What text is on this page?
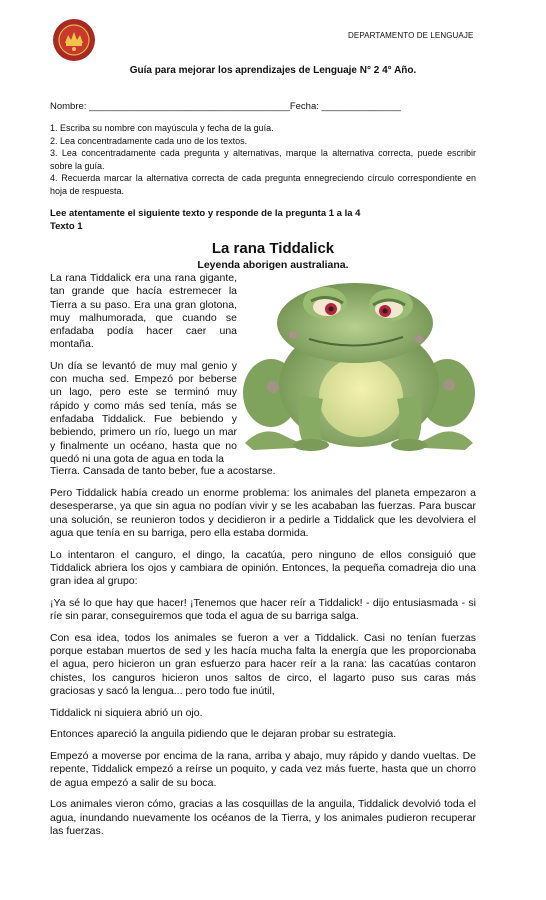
DEPARTAMENTO DE LENGUAJE
Guía para mejorar los aprendizajes de Lenguaje N° 2 4° Año.
Nombre: ______________________________________Fecha: _______________
1. Escriba su nombre con mayúscula y fecha de la guía.
2. Lea concentradamente cada uno de los textos.
3. Lea concentradamente cada pregunta y alternativas, marque la alternativa correcta, puede escribir sobre la guía.
4. Recuerda marcar la alternativa correcta de cada pregunta ennegreciendo círculo correspondiente en hoja de respuesta.
Lee atentamente el siguiente texto y responde de la pregunta 1 a la 4
Texto 1
La rana Tiddalick
Leyenda aborigen australiana.

La rana Tiddalick era una rana gigante, tan grande que hacía estremecer la Tierra a su paso. Era una gran glotona, muy malhumorada, que cuando se enfadaba podía hacer caer una montaña.

Un día se levantó de muy mal genio y con mucha sed. Empezó por beberse un lago, pero este se terminó muy rápido y como más sed tenía, más se enfadaba Tiddalick. Fue bebiendo y bebiendo, primero un río, luego un mar y finalmente un océano, hasta que no quedó ni una gota de agua en toda la

Tierra. Cansada de tanto beber, fue a acostarse.

Pero Tiddalick había creado un enorme problema: los animales del planeta empezaron a desesperarse, ya que sin agua no podían vivir y se les acababan las fuerzas. Para buscar una solución, se reunieron todos y decidieron ir a pedirle a Tiddalick que les devolviera el agua que tenía en su barriga, pero ella estaba dormida.

Lo intentaron el canguro, el dingo, la cacatúa, pero ninguno de ellos consiguió que Tiddalick abriera los ojos y cambiara de opinión. Entonces, la pequeña comadreja dio una gran idea al grupo:

¡Ya sé lo que hay que hacer! ¡Tenemos que hacer reír a Tiddalick! - dijo entusiasmada - si ríe sin parar, conseguiremos que toda el agua de su barriga salga.

Con esa idea, todos los animales se fueron a ver a Tiddalick. Casi no tenían fuerzas porque estaban muertos de sed y les hacía mucha falta la energía que les proporcionaba el agua, pero hicieron un gran esfuerzo para hacer reír a la rana: las cacatúas contaron chistes, los canguros hicieron unos saltos de circo, el lagarto puso sus caras más graciosas y sacó la lengua... pero todo fue inútil,

Tiddalick ni siquiera abrió un ojo.

Entonces apareció la anguila pidiendo que le dejaran probar su estrategia.

Empezó a moverse por encima de la rana, arriba y abajo, muy rápido y dando vueltas. De repente, Tiddalick empezó a reírse un poquito, y cada vez más fuerte, hasta que un chorro de agua empezó a salir de su boca.

Los animales vieron cómo, gracias a las cosquillas de la anguila, Tiddalick devolvió toda el agua, inundando nuevamente los océanos de la Tierra, y los animales pudieron recuperar las fuerzas.
